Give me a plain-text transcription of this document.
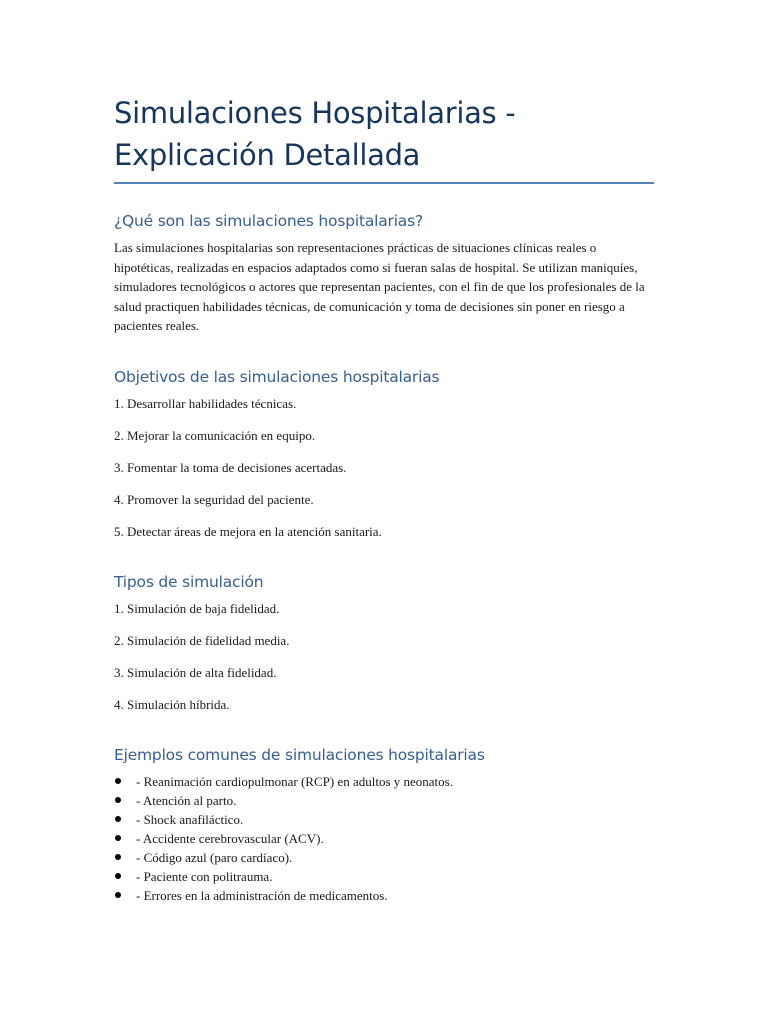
Simulaciones Hospitalarias - Explicación Detallada
¿Qué son las simulaciones hospitalarias?

Las simulaciones hospitalarias son representaciones prácticas de situaciones clínicas reales o hipotéticas, realizadas en espacios adaptados como si fueran salas de hospital. Se utilizan maniquíes, simuladores tecnológicos o actores que representan pacientes, con el fin de que los profesionales de la salud practiquen habilidades técnicas, de comunicación y toma de decisiones sin poner en riesgo a pacientes reales.

Objetivos de las simulaciones hospitalarias

1. Desarrollar habilidades técnicas.

2. Mejorar la comunicación en equipo.

3. Fomentar la toma de decisiones acertadas.

4. Promover la seguridad del paciente.

5. Detectar áreas de mejora en la atención sanitaria.

Tipos de simulación

1. Simulación de baja fidelidad.

2. Simulación de fidelidad media.

3. Simulación de alta fidelidad.

4. Simulación híbrida.

Ejemplos comunes de simulaciones hospitalarias
- Reanimación cardiopulmonar (RCP) en adultos y neonatos.
- Atención al parto.
- Shock anafiláctico.
- Accidente cerebrovascular (ACV).
- Código azul (paro cardíaco).
- Paciente con politrauma.
- Errores en la administración de medicamentos.
